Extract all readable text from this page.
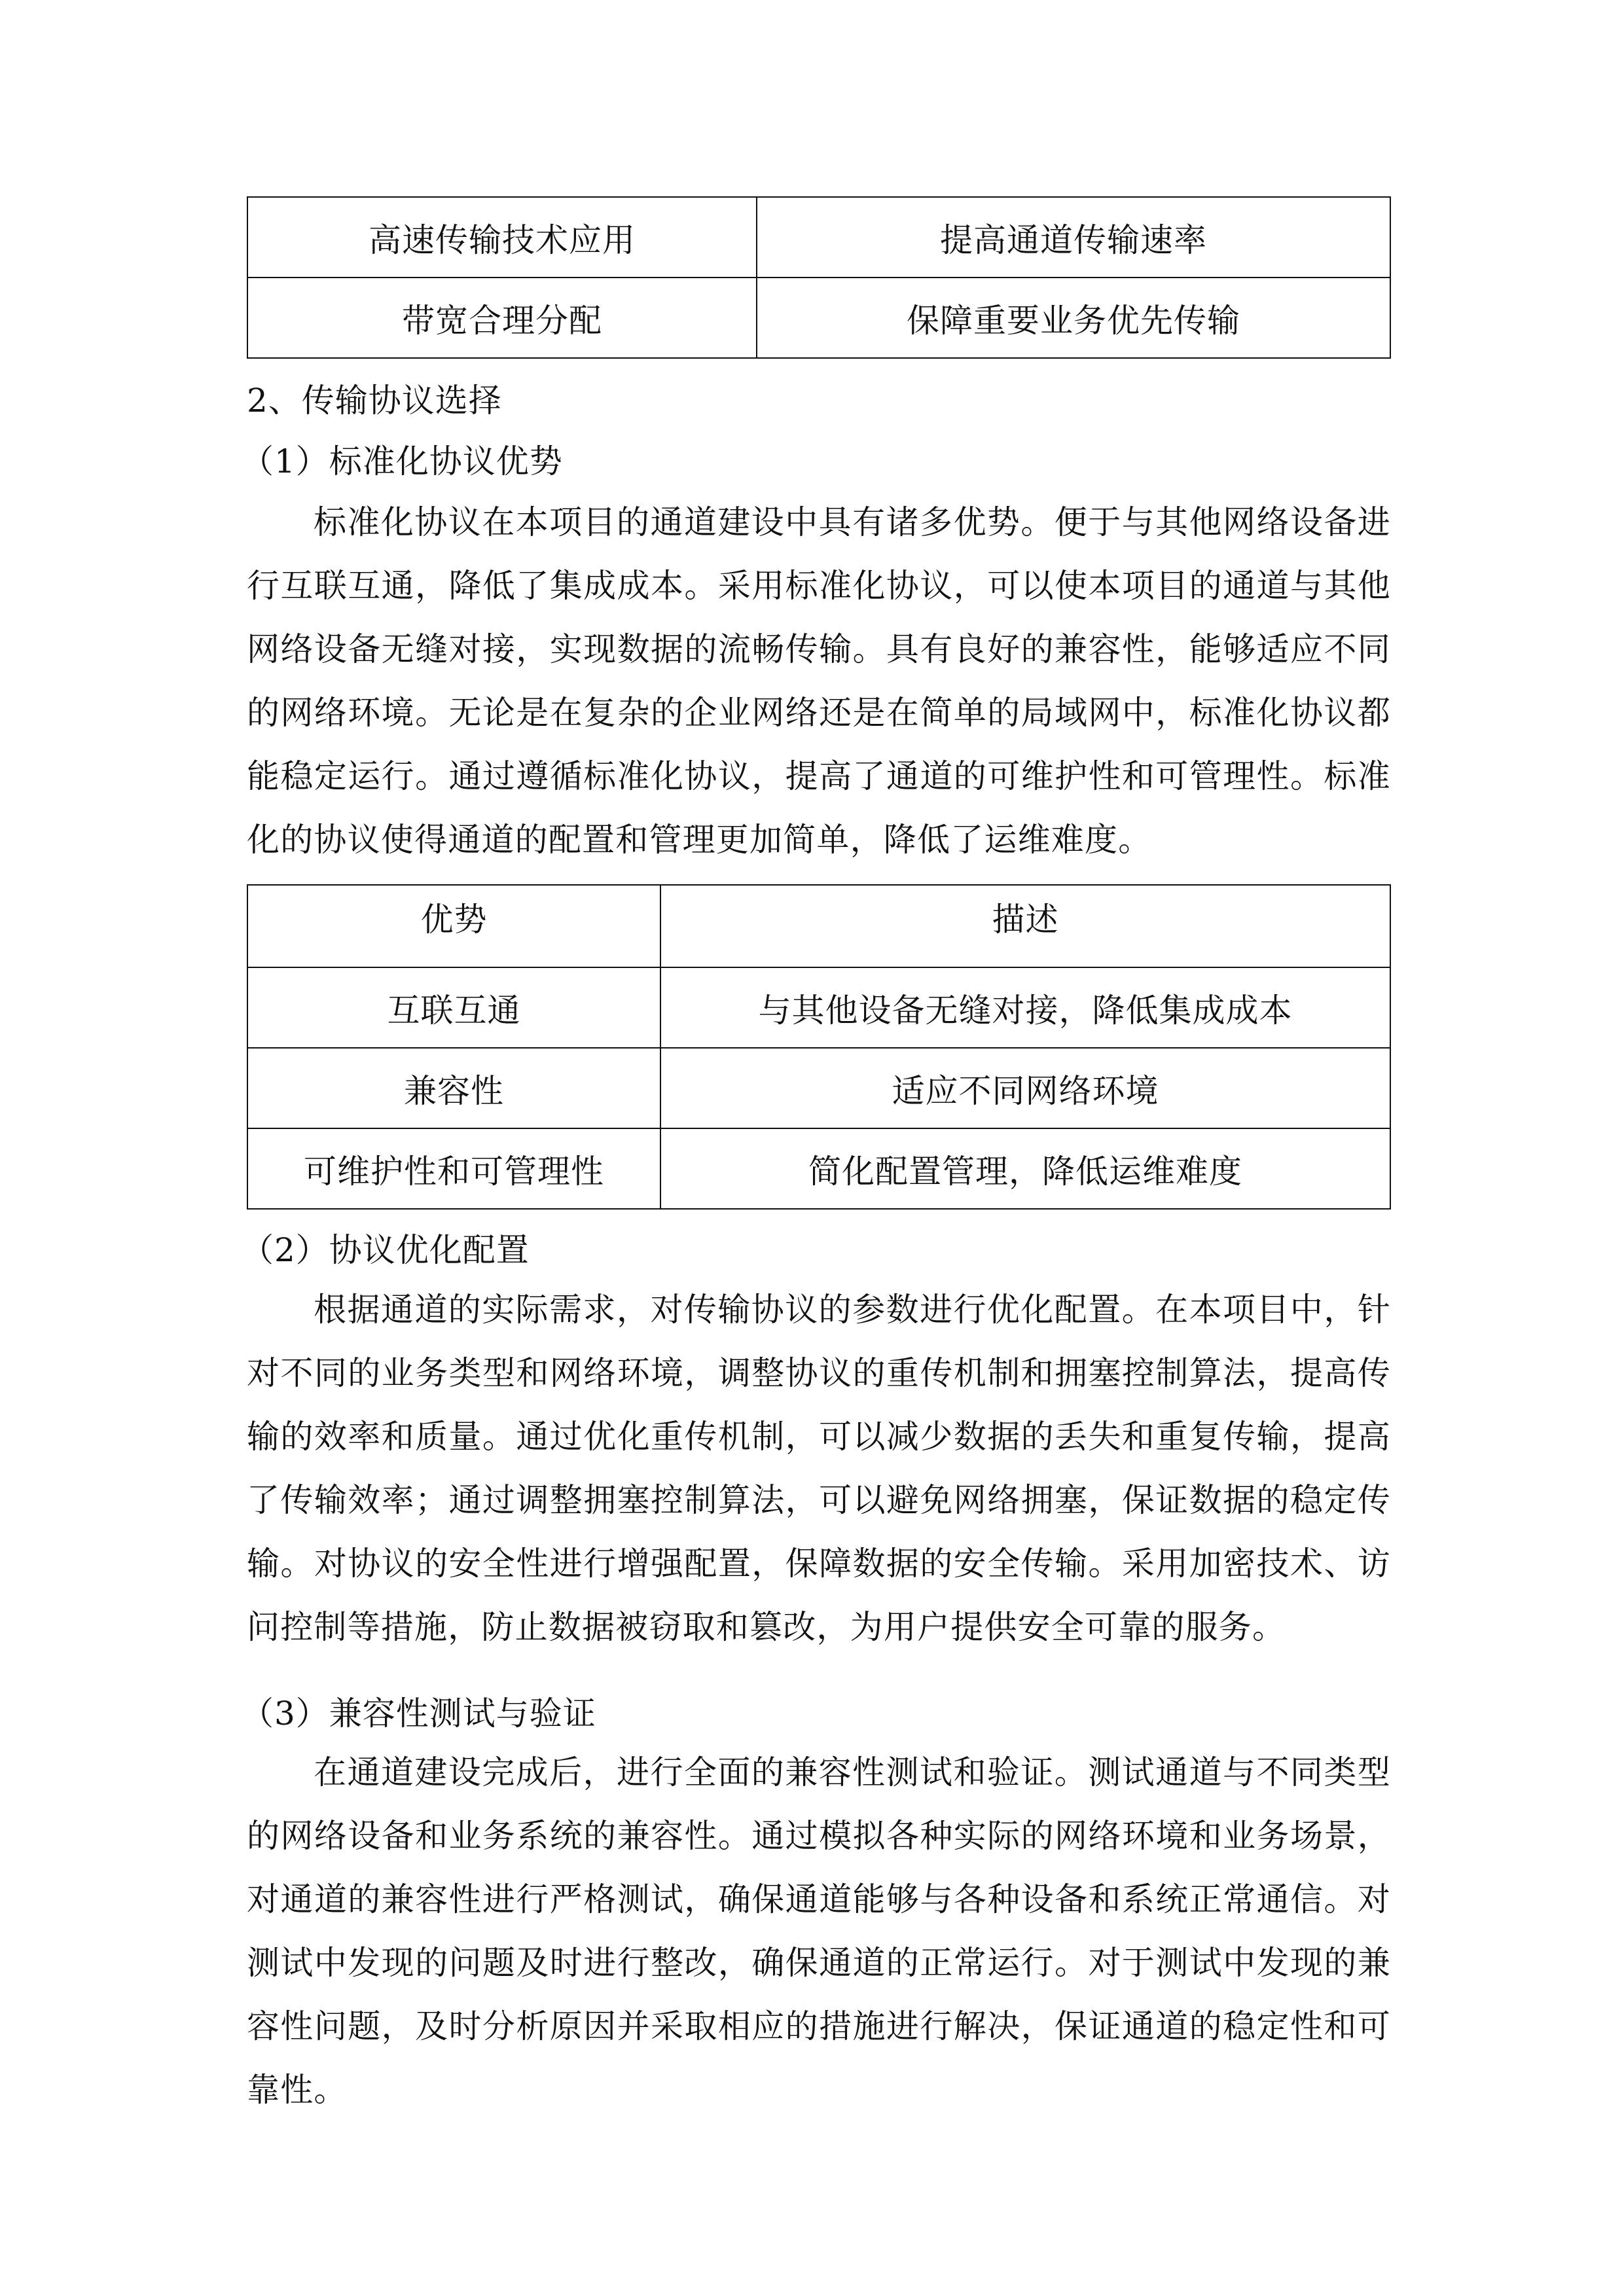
高速传输技术应用	提高通道传输速率
带宽合理分配	保障重要业务优先传输
2、传输协议选择
（1）标准化协议优势
标准化协议在本项目的通道建设中具有诸多优势。便于与其他网络设备进行互联互通，降低了集成成本。采用标准化协议，可以使本项目的通道与其他网络设备无缝对接，实现数据的流畅传输。具有良好的兼容性，能够适应不同的网络环境。无论是在复杂的企业网络还是在简单的局域网中，标准化协议都能稳定运行。通过遵循标准化协议，提高了通道的可维护性和可管理性。标准化的协议使得通道的配置和管理更加简单，降低了运维难度。
优势	描述
互联互通	与其他设备无缝对接，降低集成成本
兼容性	适应不同网络环境
可维护性和可管理性	简化配置管理，降低运维难度
（2）协议优化配置
根据通道的实际需求，对传输协议的参数进行优化配置。在本项目中，针对不同的业务类型和网络环境，调整协议的重传机制和拥塞控制算法，提高传输的效率和质量。通过优化重传机制，可以减少数据的丢失和重复传输，提高了传输效率；通过调整拥塞控制算法，可以避免网络拥塞，保证数据的稳定传输。对协议的安全性进行增强配置，保障数据的安全传输。采用加密技术、访问控制等措施，防止数据被窃取和篡改，为用户提供安全可靠的服务。
（3）兼容性测试与验证
在通道建设完成后，进行全面的兼容性测试和验证。测试通道与不同类型的网络设备和业务系统的兼容性。通过模拟各种实际的网络环境和业务场景，对通道的兼容性进行严格测试，确保通道能够与各种设备和系统正常通信。对测试中发现的问题及时进行整改，确保通道的正常运行。对于测试中发现的兼容性问题，及时分析原因并采取相应的措施进行解决，保证通道的稳定性和可靠性。
